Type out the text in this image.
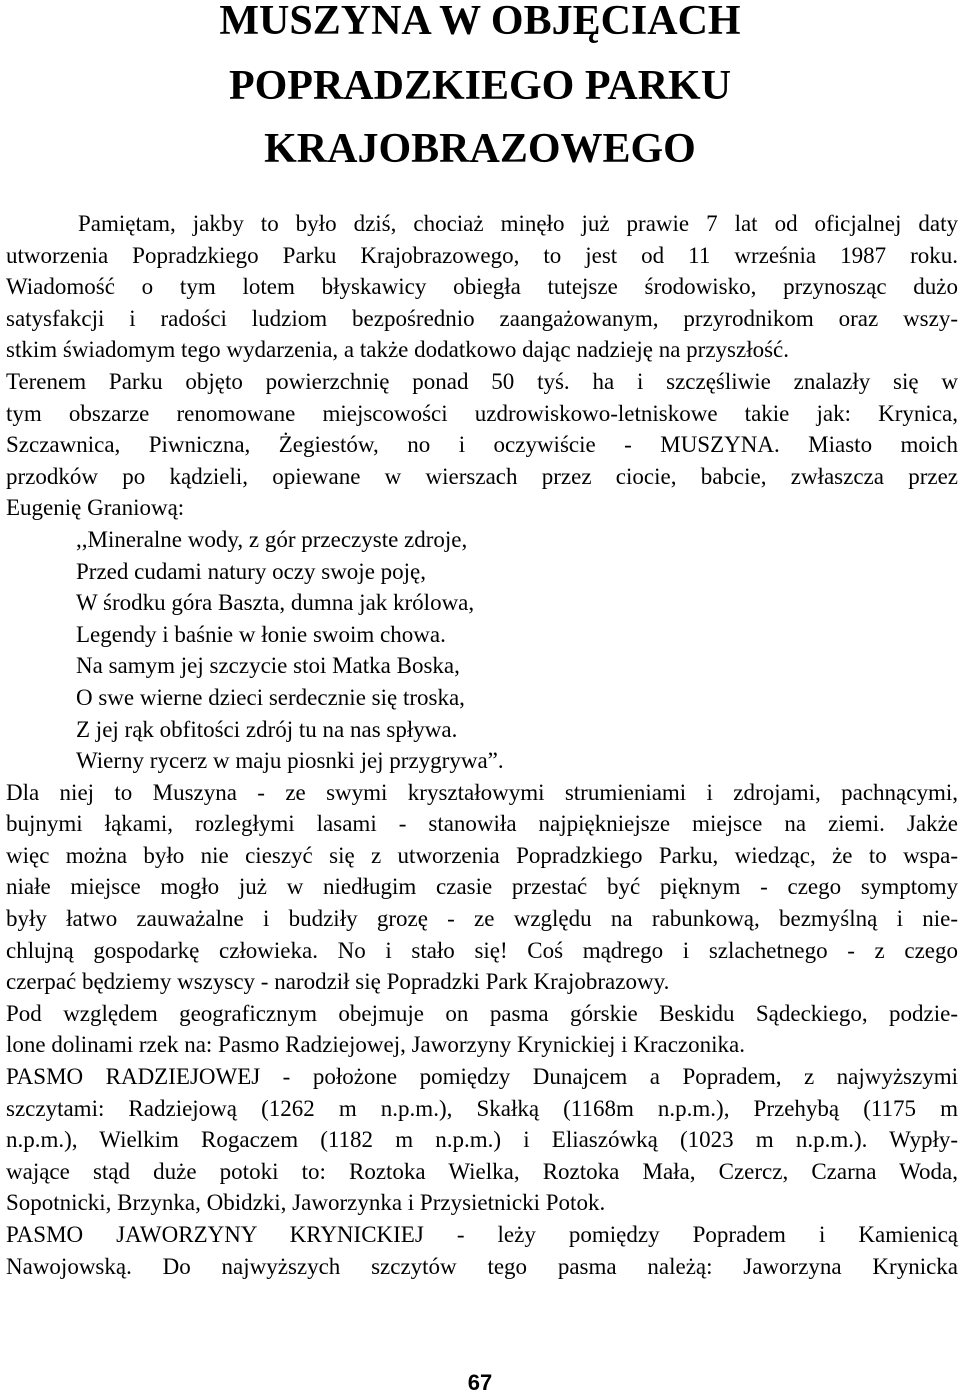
MUSZYNA W OBJĘCIACH
POPRADZKIEGO PARKU
KRAJOBRAZOWEGO
Pamiętam, jakby to było dziś, chociaż minęło już prawie 7 lat od oficjalnej daty
utworzenia Popradzkiego Parku Krajobrazowego, to jest od 11 września 1987 roku.
Wiadomość o tym lotem błyskawicy obiegła tutejsze środowisko, przynosząc dużo
satysfakcji i radości ludziom bezpośrednio zaangażowanym, przyrodnikom oraz wszy-
stkim świadomym tego wydarzenia, a także dodatkowo dając nadzieję na przyszłość.
Terenem Parku objęto powierzchnię ponad 50 tyś. ha i szczęśliwie znalazły się w
tym obszarze renomowane miejscowości uzdrowiskowo-letniskowe takie jak: Krynica,
Szczawnica, Piwniczna, Żegiestów, no i oczywiście - MUSZYNA. Miasto moich
przodków po kądzieli, opiewane w wierszach przez ciocie, babcie, zwłaszcza przez
Eugenię Graniową:
,,Mineralne wody, z gór przeczyste zdroje,
Przed cudami natury oczy swoje poję,
W środku góra Baszta, dumna jak królowa,
Legendy i baśnie w łonie swoim chowa.
Na samym jej szczycie stoi Matka Boska,
O swe wierne dzieci serdecznie się troska,
Z jej rąk obfitości zdrój tu na nas spływa.
Wierny rycerz w maju piosnki jej przygrywa”.
Dla niej to Muszyna - ze swymi kryształowymi strumieniami i zdrojami, pachnącymi,
bujnymi łąkami, rozległymi lasami - stanowiła najpiękniejsze miejsce na ziemi. Jakże
więc można było nie cieszyć się z utworzenia Popradzkiego Parku, wiedząc, że to wspa-
niałe miejsce mogło już w niedługim czasie przestać być pięknym - czego symptomy
były łatwo zauważalne i budziły grozę - ze względu na rabunkową, bezmyślną i nie-
chlujną gospodarkę człowieka. No i stało się! Coś mądrego i szlachetnego - z czego
czerpać będziemy wszyscy - narodził się Popradzki Park Krajobrazowy.
Pod względem geograficznym obejmuje on pasma górskie Beskidu Sądeckiego, podzie-
lone dolinami rzek na: Pasmo Radziejowej, Jaworzyny Krynickiej i Kraczonika.
PASMO RADZIEJOWEJ - położone pomiędzy Dunajcem a Popradem, z najwyższymi
szczytami: Radziejową (1262 m n.p.m.), Skałką (1168m n.p.m.), Przehybą (1175 m
n.p.m.), Wielkim Rogaczem (1182 m n.p.m.) i Eliaszówką (1023 m n.p.m.). Wypły-
wające stąd duże potoki to: Roztoka Wielka, Roztoka Mała, Czercz, Czarna Woda,
Sopotnicki, Brzynka, Obidzki, Jaworzynka i Przysietnicki Potok.
PASMO JAWORZYNY KRYNICKIEJ - leży pomiędzy Popradem i Kamienicą
Nawojowską. Do najwyższych szczytów tego pasma należą: Jaworzyna Krynicka
67
